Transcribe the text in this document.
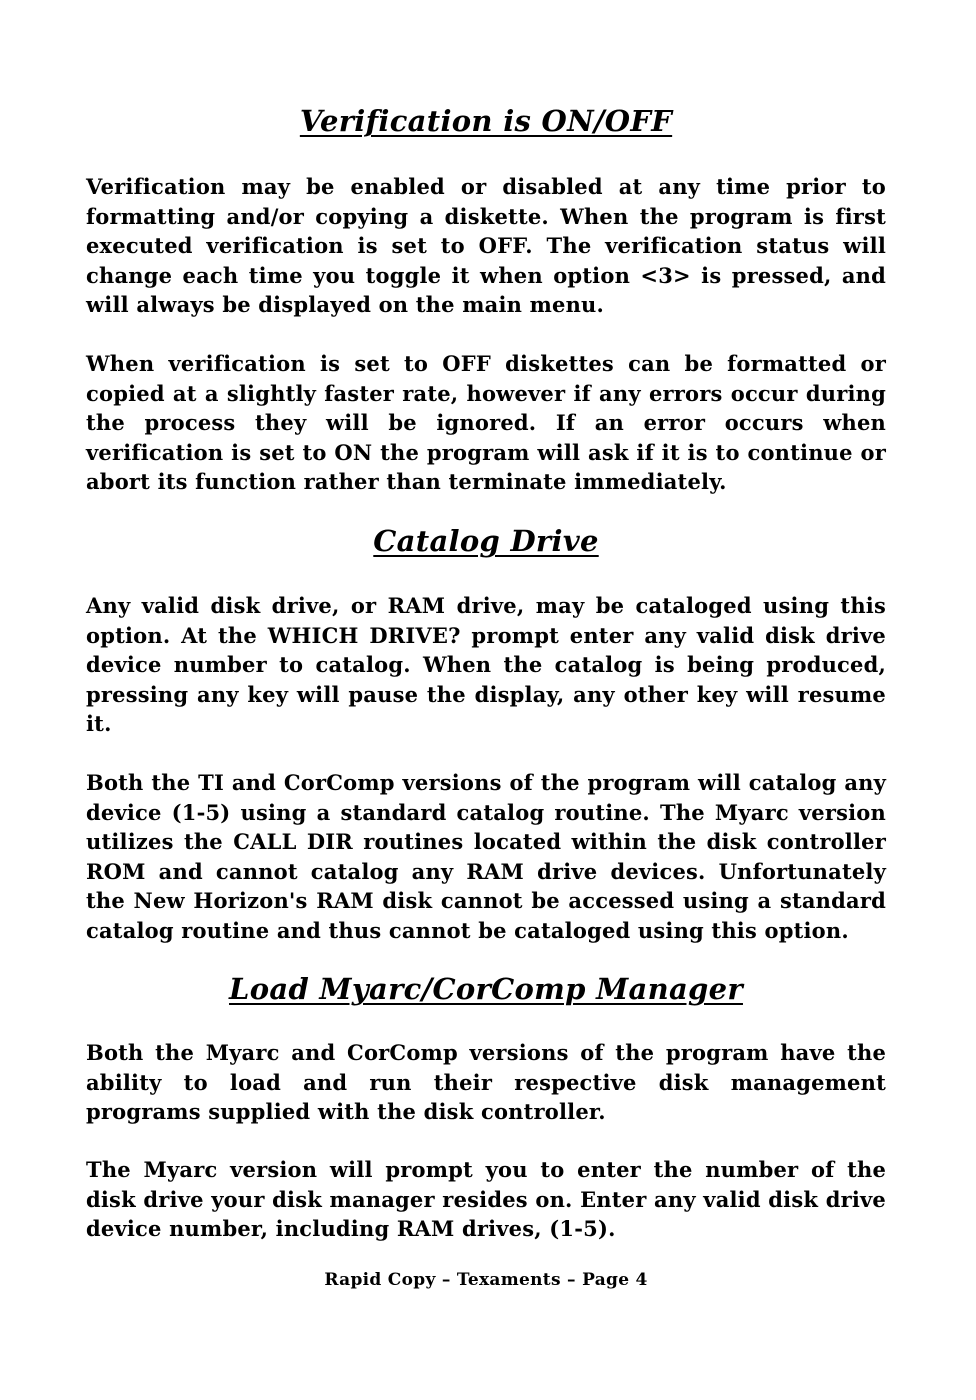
Verification is ON/OFF

Verification may be enabled or disabled at any time prior to formatting and/or copying a diskette. When the program is first executed verification is set to OFF. The verification status will change each time you toggle it when option <3> is pressed, and will always be displayed on the main menu.

When verification is set to OFF diskettes can be formatted or copied at a slightly faster rate, however if any errors occur during the process they will be ignored. If an error occurs when verification is set to ON the program will ask if it is to continue or abort its function rather than terminate immediately.

Catalog Drive

Any valid disk drive, or RAM drive, may be cataloged using this option. At the WHICH DRIVE? prompt enter any valid disk drive device number to catalog. When the catalog is being produced, pressing any key will pause the display, any other key will resume it.

Both the TI and CorComp versions of the program will catalog any device (1-5) using a standard catalog routine. The Myarc version utilizes the CALL DIR routines located within the disk controller ROM and cannot catalog any RAM drive devices. Unfortunately the New Horizon's RAM disk cannot be accessed using a standard catalog routine and thus cannot be cataloged using this option.

Load Myarc/CorComp Manager

Both the Myarc and CorComp versions of the program have the ability to load and run their respective disk management programs supplied with the disk controller.

The Myarc version will prompt you to enter the number of the disk drive your disk manager resides on. Enter any valid disk drive device number, including RAM drives, (1-5).

Rapid Copy – Texaments – Page 4
